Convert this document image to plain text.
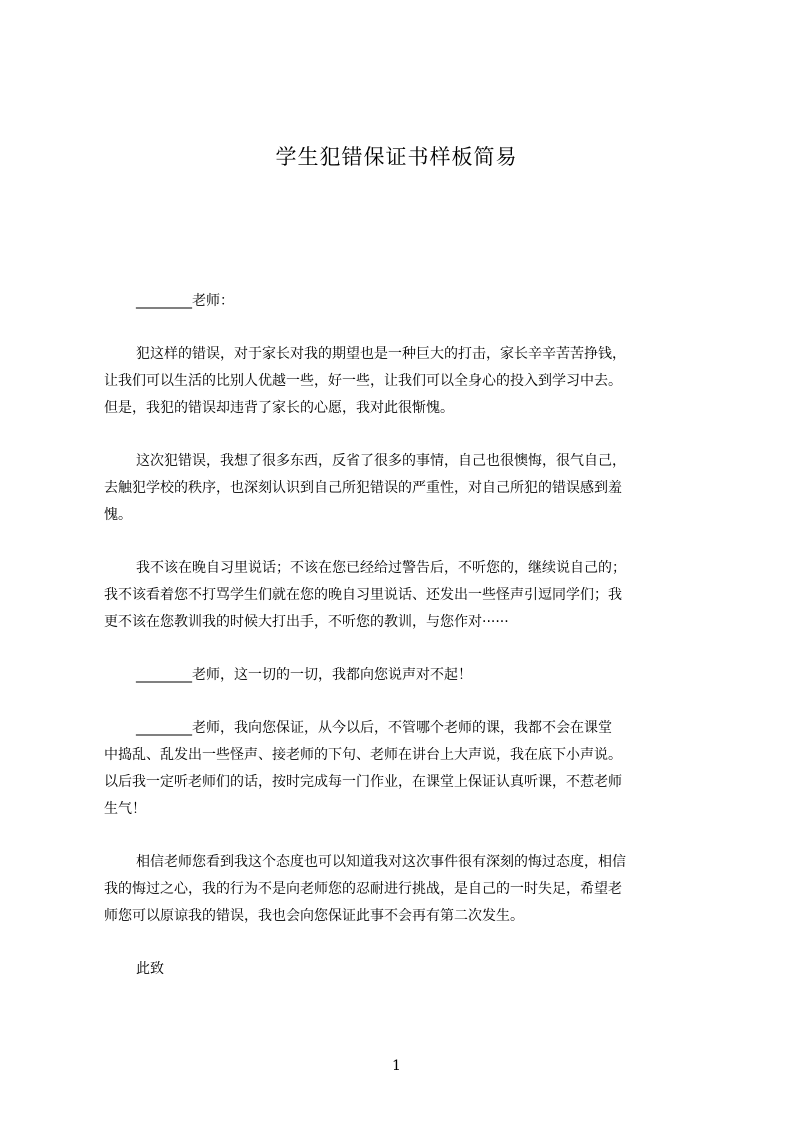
学生犯错保证书样板简易
________老师：
犯这样的错误，对于家长对我的期望也是一种巨大的打击，家长辛辛苦苦挣钱，
让我们可以生活的比别人优越一些，好一些，让我们可以全身心的投入到学习中去。
但是，我犯的错误却违背了家长的心愿，我对此很惭愧。
这次犯错误，我想了很多东西，反省了很多的事情，自己也很懊悔，很气自己，
去触犯学校的秩序，也深刻认识到自己所犯错误的严重性，对自己所犯的错误感到羞
愧。
我不该在晚自习里说话；不该在您已经给过警告后，不听您的，继续说自己的；
我不该看着您不打骂学生们就在您的晚自习里说话、还发出一些怪声引逗同学们；我
更不该在您教训我的时候大打出手，不听您的教训，与您作对······
________老师，这一切的一切，我都向您说声对不起！
________老师，我向您保证，从今以后，不管哪个老师的课，我都不会在课堂
中捣乱、乱发出一些怪声、接老师的下句、老师在讲台上大声说，我在底下小声说。
以后我一定听老师们的话，按时完成每一门作业，在课堂上保证认真听课，不惹老师
生气！
相信老师您看到我这个态度也可以知道我对这次事件很有深刻的悔过态度，相信
我的悔过之心，我的行为不是向老师您的忍耐进行挑战，是自己的一时失足，希望老
师您可以原谅我的错误，我也会向您保证此事不会再有第二次发生。
此致
1
